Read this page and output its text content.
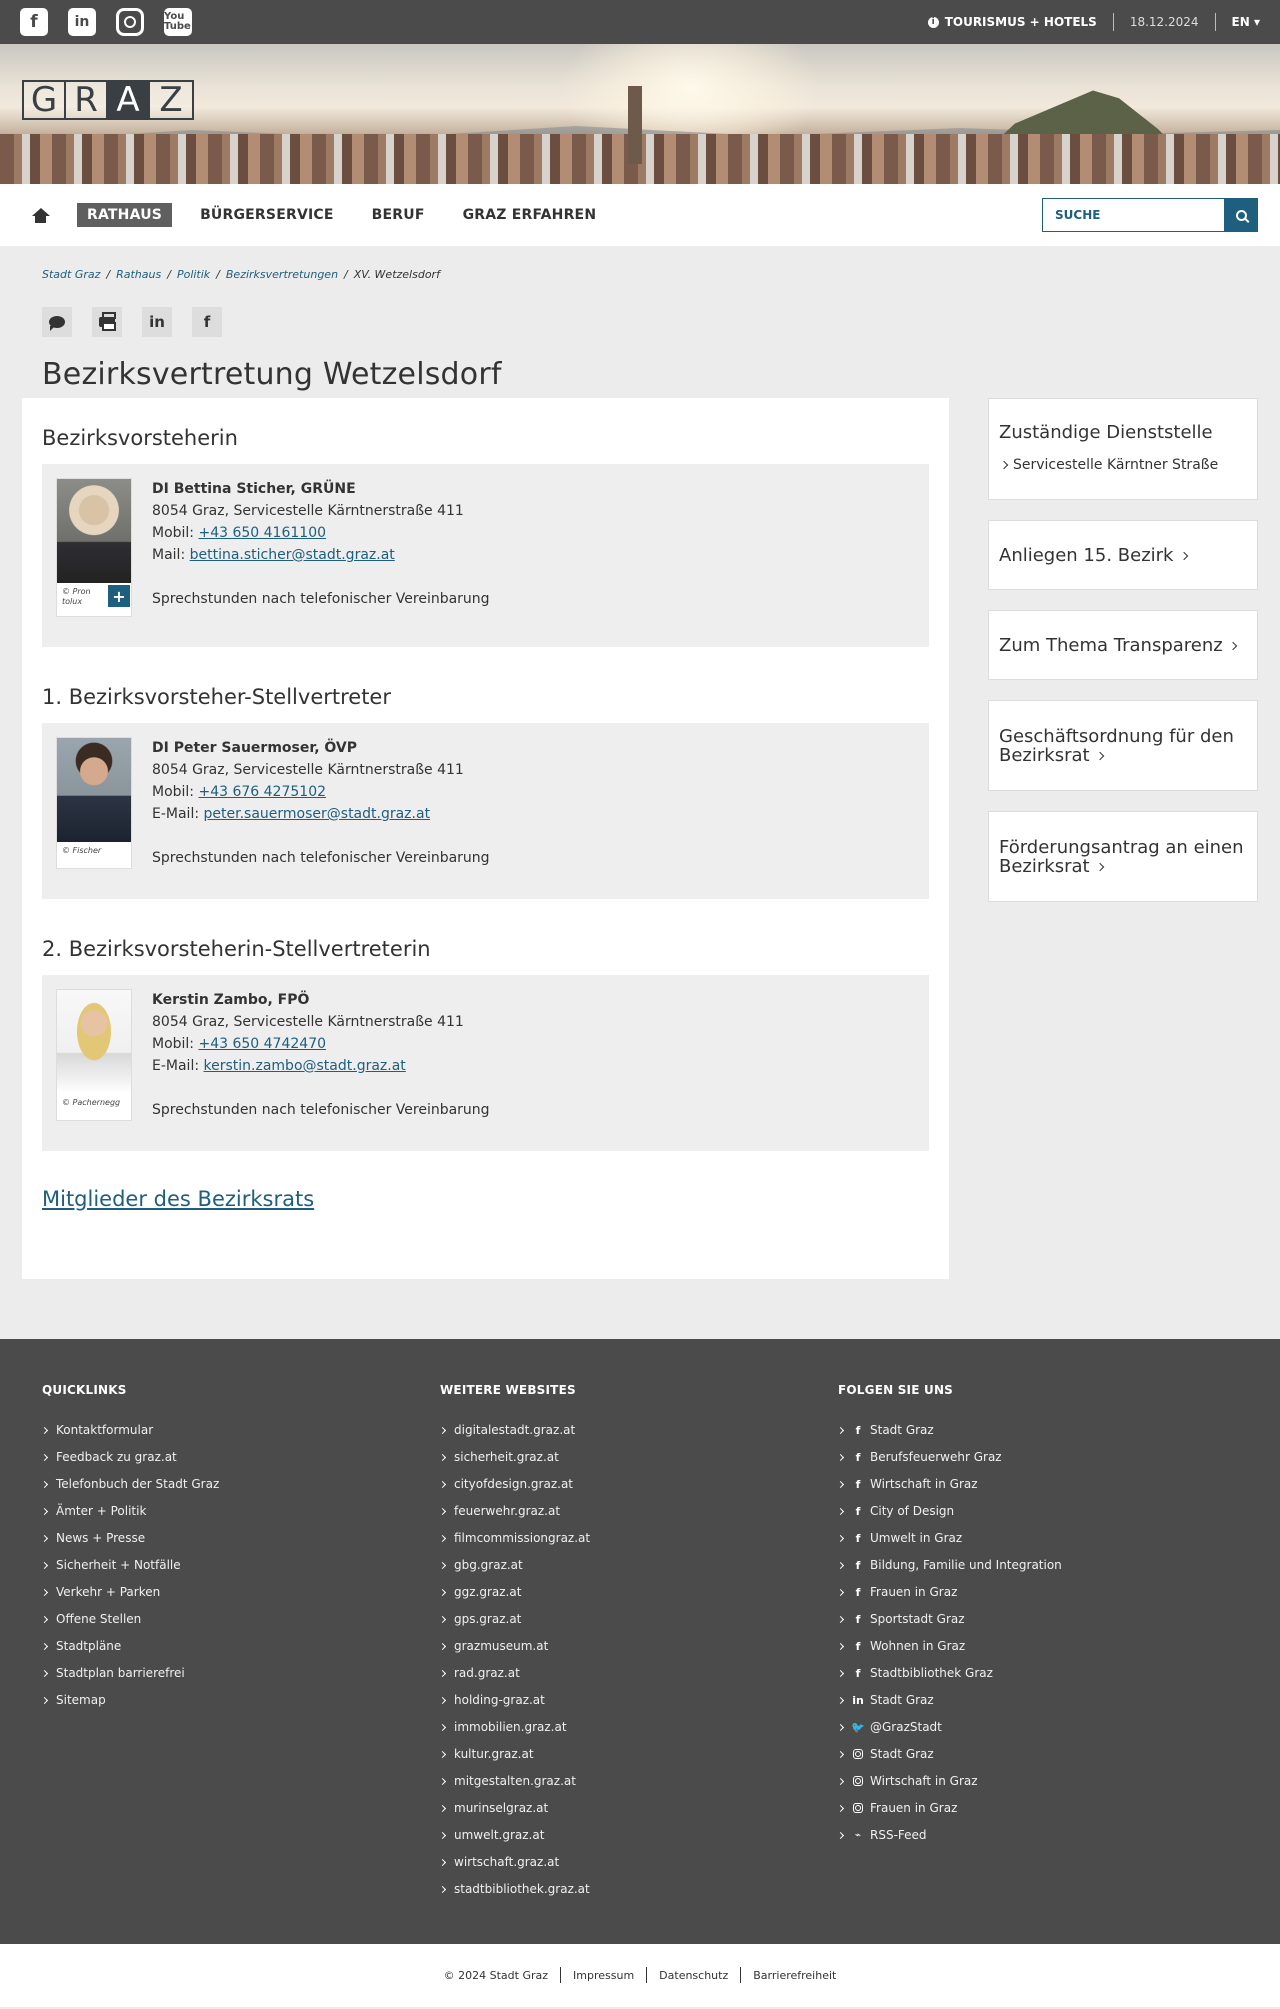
f	in	You Tube	i TOURISMUS + HOTELS	18.12.2024	EN ▾
G R A Z
RATHAUS	BÜRGERSERVICE	BERUF	GRAZ ERFAHREN
SUCHE
Stadt Graz / Rathaus / Politik / Bezirksvertretungen / XV. Wetzelsdorf
in	f
Bezirksvertretung Wetzelsdorf
Bezirksvorsteherin
© Prontolux	+
DI Bettina Sticher, GRÜNE
8054 Graz, Servicestelle Kärntnerstraße 411
Mobil: +43 650 4161100
Mail: bettina.sticher@stadt.graz.at
Sprechstunden nach telefonischer Vereinbarung
1. Bezirksvorsteher-Stellvertreter
© Fischer
DI Peter Sauermoser, ÖVP
8054 Graz, Servicestelle Kärntnerstraße 411
Mobil: +43 676 4275102
E-Mail: peter.sauermoser@stadt.graz.at
Sprechstunden nach telefonischer Vereinbarung
2. Bezirksvorsteherin-Stellvertreterin
© Pachernegg
Kerstin Zambo, FPÖ
8054 Graz, Servicestelle Kärntnerstraße 411
Mobil: +43 650 4742470
E-Mail: kerstin.zambo@stadt.graz.at
Sprechstunden nach telefonischer Vereinbarung
Mitglieder des Bezirksrats
Zuständige Dienststelle
Servicestelle Kärntner Straße
Anliegen 15. Bezirk
Zum Thema Transparenz
Geschäftsordnung für den Bezirksrat
Förderungsantrag an einen Bezirksrat
QUICKLINKS
Kontaktformular
Feedback zu graz.at
Telefonbuch der Stadt Graz
Ämter + Politik
News + Presse
Sicherheit + Notfälle
Verkehr + Parken
Offene Stellen
Stadtpläne
Stadtplan barrierefrei
Sitemap
WEITERE WEBSITES
digitalestadt.graz.at
sicherheit.graz.at
cityofdesign.graz.at
feuerwehr.graz.at
filmcommissiongraz.at
gbg.graz.at
ggz.graz.at
gps.graz.at
grazmuseum.at
rad.graz.at
holding-graz.at
immobilien.graz.at
kultur.graz.at
mitgestalten.graz.at
murinselgraz.at
umwelt.graz.at
wirtschaft.graz.at
stadtbibliothek.graz.at
FOLGEN SIE UNS
f Stadt Graz
f Berufsfeuerwehr Graz
f Wirtschaft in Graz
f City of Design
f Umwelt in Graz
f Bildung, Familie und Integration
f Frauen in Graz
f Sportstadt Graz
f Wohnen in Graz
f Stadtbibliothek Graz
in Stadt Graz
🐦 @GrazStadt
Stadt Graz
Wirtschaft in Graz
Frauen in Graz
⌁ RSS-Feed
© 2024 Stadt Graz Impressum Datenschutz Barrierefreiheit
